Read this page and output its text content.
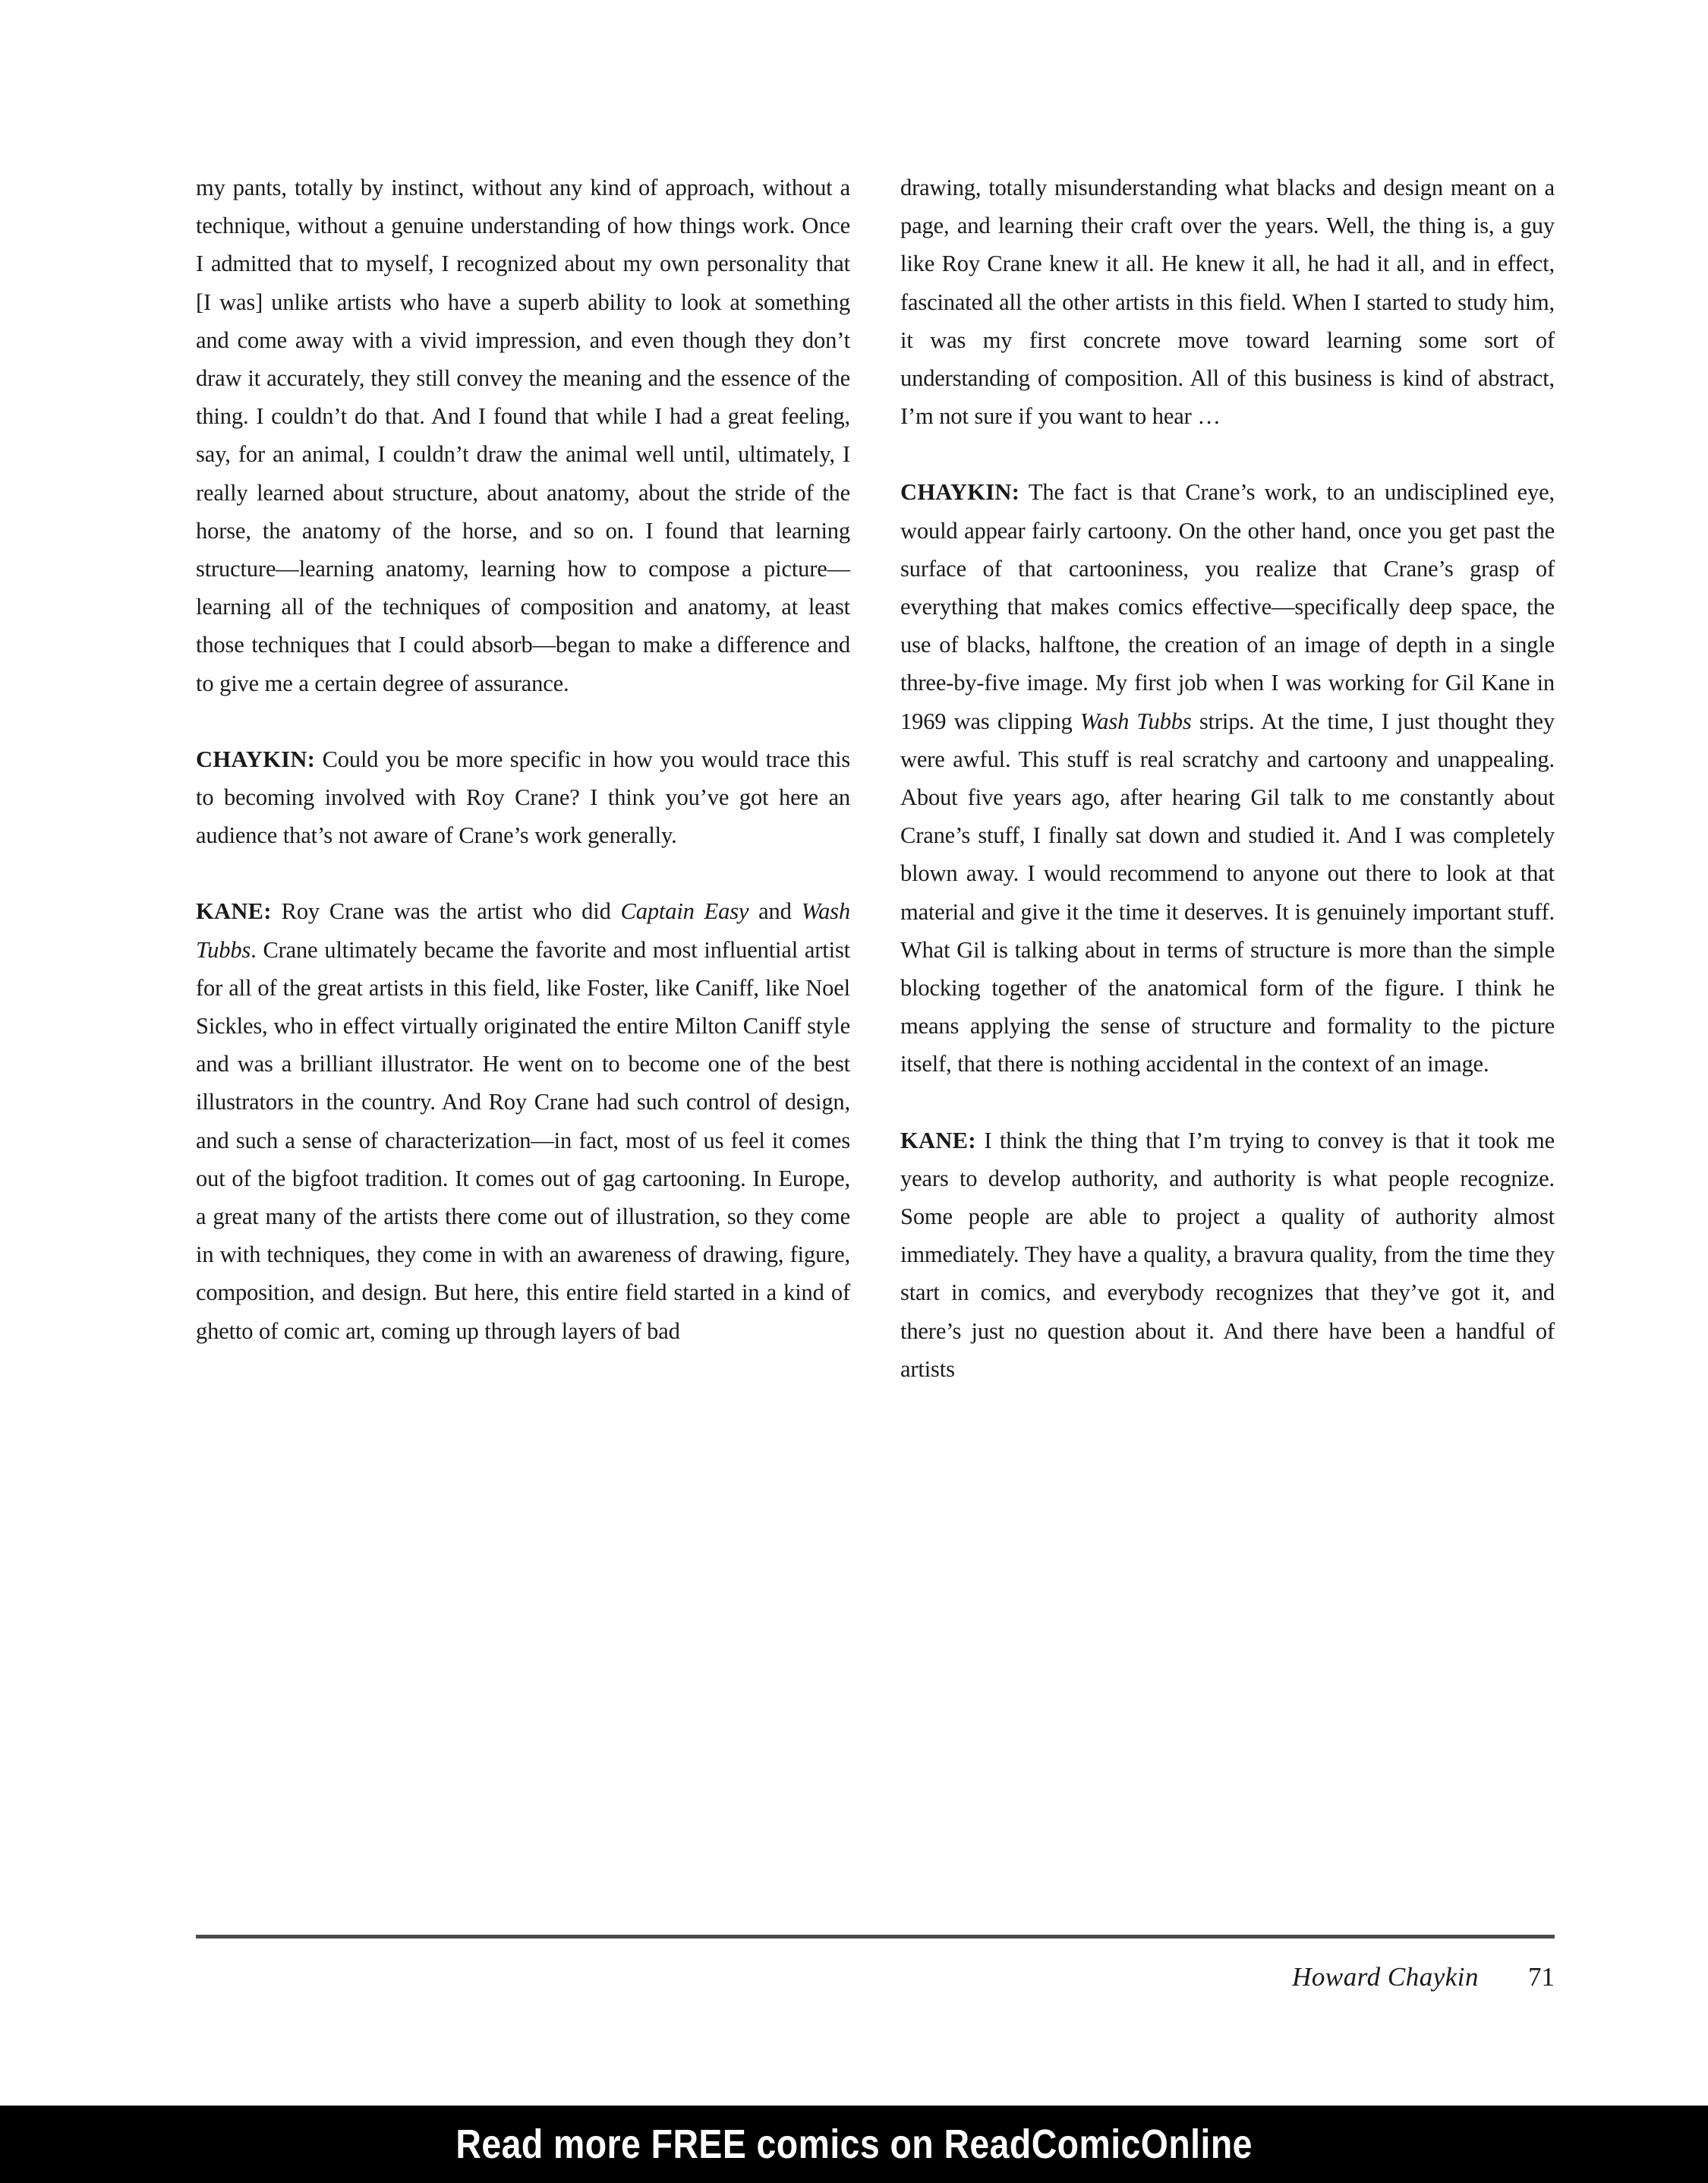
my pants, totally by instinct, without any kind of approach, without a technique, without a genuine understanding of how things work. Once I admitted that to myself, I recognized about my own personality that [I was] unlike artists who have a superb ability to look at something and come away with a vivid impression, and even though they don’t draw it accurately, they still convey the meaning and the essence of the thing. I couldn’t do that. And I found that while I had a great feeling, say, for an animal, I couldn’t draw the animal well until, ultimately, I really learned about structure, about anatomy, about the stride of the horse, the anatomy of the horse, and so on. I found that learning structure—learning anatomy, learning how to compose a picture—learning all of the techniques of composition and anatomy, at least those techniques that I could absorb—began to make a difference and to give me a certain degree of assurance.

CHAYKIN: Could you be more specific in how you would trace this to becoming involved with Roy Crane? I think you’ve got here an audience that’s not aware of Crane’s work generally.

KANE: Roy Crane was the artist who did Captain Easy and Wash Tubbs. Crane ultimately became the favorite and most influential artist for all of the great artists in this field, like Foster, like Caniff, like Noel Sickles, who in effect virtually originated the entire Milton Caniff style and was a brilliant illustrator. He went on to become one of the best illustrators in the country. And Roy Crane had such control of design, and such a sense of characterization—in fact, most of us feel it comes out of the bigfoot tradition. It comes out of gag cartooning. In Europe, a great many of the artists there come out of illustration, so they come in with techniques, they come in with an awareness of drawing, figure, composition, and design. But here, this entire field started in a kind of ghetto of comic art, coming up through layers of bad

drawing, totally misunderstanding what blacks and design meant on a page, and learning their craft over the years. Well, the thing is, a guy like Roy Crane knew it all. He knew it all, he had it all, and in effect, fascinated all the other artists in this field. When I started to study him, it was my first concrete move toward learning some sort of understanding of composition. All of this business is kind of abstract, I’m not sure if you want to hear …

CHAYKIN: The fact is that Crane’s work, to an undisciplined eye, would appear fairly cartoony. On the other hand, once you get past the surface of that cartooniness, you realize that Crane’s grasp of everything that makes comics effective—specifically deep space, the use of blacks, halftone, the creation of an image of depth in a single three-by-five image. My first job when I was working for Gil Kane in 1969 was clipping Wash Tubbs strips. At the time, I just thought they were awful. This stuff is real scratchy and cartoony and unappealing. About five years ago, after hearing Gil talk to me constantly about Crane’s stuff, I finally sat down and studied it. And I was completely blown away. I would recommend to anyone out there to look at that material and give it the time it deserves. It is genuinely important stuff. What Gil is talking about in terms of structure is more than the simple blocking together of the anatomical form of the figure. I think he means applying the sense of structure and formality to the picture itself, that there is nothing accidental in the context of an image.

KANE: I think the thing that I’m trying to convey is that it took me years to develop authority, and authority is what people recognize. Some people are able to project a quality of authority almost immediately. They have a quality, a bravura quality, from the time they start in comics, and everybody recognizes that they’ve got it, and there’s just no question about it. And there have been a handful of artists

Howard Chaykin	71
Read more FREE comics on ReadComicOnline
